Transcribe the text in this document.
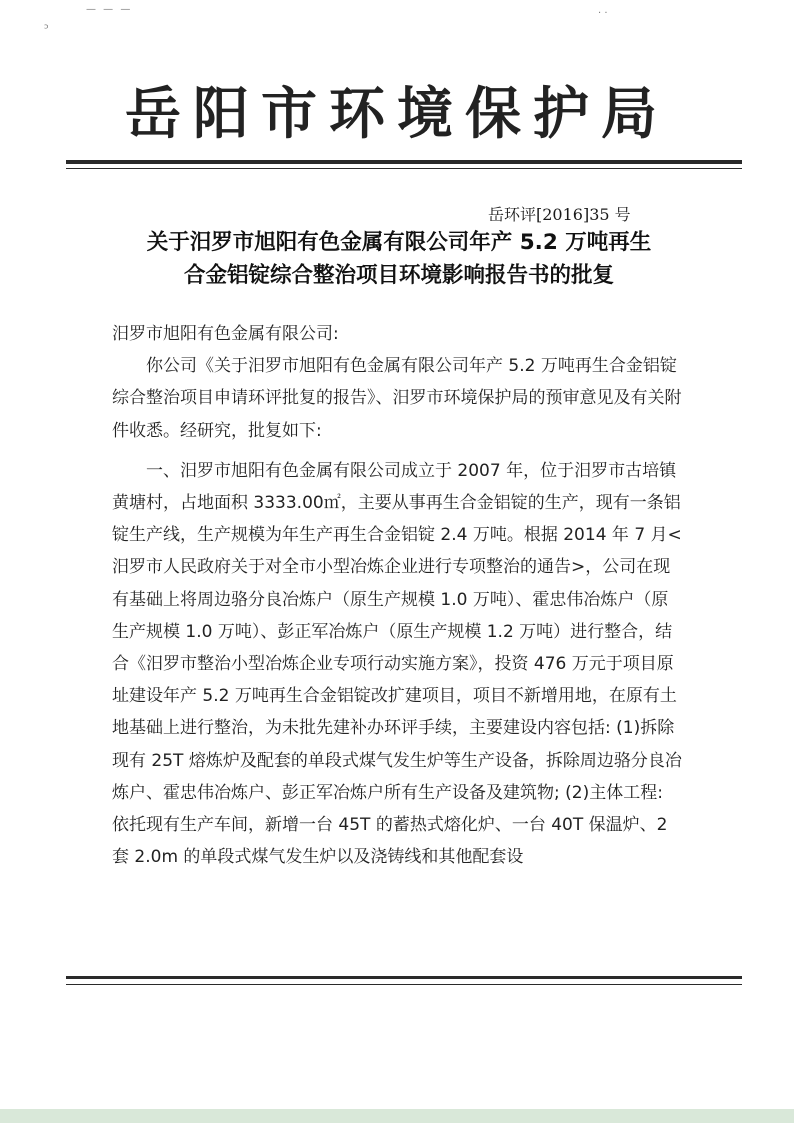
ᵓ
— — —	· ·
岳阳市环境保护局
岳环评[2016]35 号
关于汨罗市旭阳有色金属有限公司年产 5.2 万吨再生
合金铝锭综合整治项目环境影响报告书的批复

汨罗市旭阳有色金属有限公司:

你公司《关于汨罗市旭阳有色金属有限公司年产 5.2 万吨再生合金铝锭综合整治项目申请环评批复的报告》、汨罗市环境保护局的预审意见及有关附件收悉。经研究，批复如下:

一、汨罗市旭阳有色金属有限公司成立于 2007 年，位于汨罗市古培镇黄塘村，占地面积 3333.00㎡，主要从事再生合金铝锭的生产，现有一条铝锭生产线，生产规模为年生产再生合金铝锭 2.4 万吨。根据 2014 年 7 月<汨罗市人民政府关于对全市小型冶炼企业进行专项整治的通告>，公司在现有基础上将周边骆分良冶炼户（原生产规模 1.0 万吨）、霍忠伟冶炼户（原生产规模 1.0 万吨）、彭正军冶炼户（原生产规模 1.2 万吨）进行整合，结合《汨罗市整治小型冶炼企业专项行动实施方案》，投资 476 万元于项目原址建设年产 5.2 万吨再生合金铝锭改扩建项目，项目不新增用地，在原有土地基础上进行整治，为未批先建补办环评手续，主要建设内容包括: (1)拆除现有 25T 熔炼炉及配套的单段式煤气发生炉等生产设备，拆除周边骆分良冶炼户、霍忠伟冶炼户、彭正军冶炼户所有生产设备及建筑物; (2)主体工程: 依托现有生产车间，新增一台 45T 的蓄热式熔化炉、一台 40T 保温炉、2 套 2.0m 的单段式煤气发生炉以及浇铸线和其他配套设
